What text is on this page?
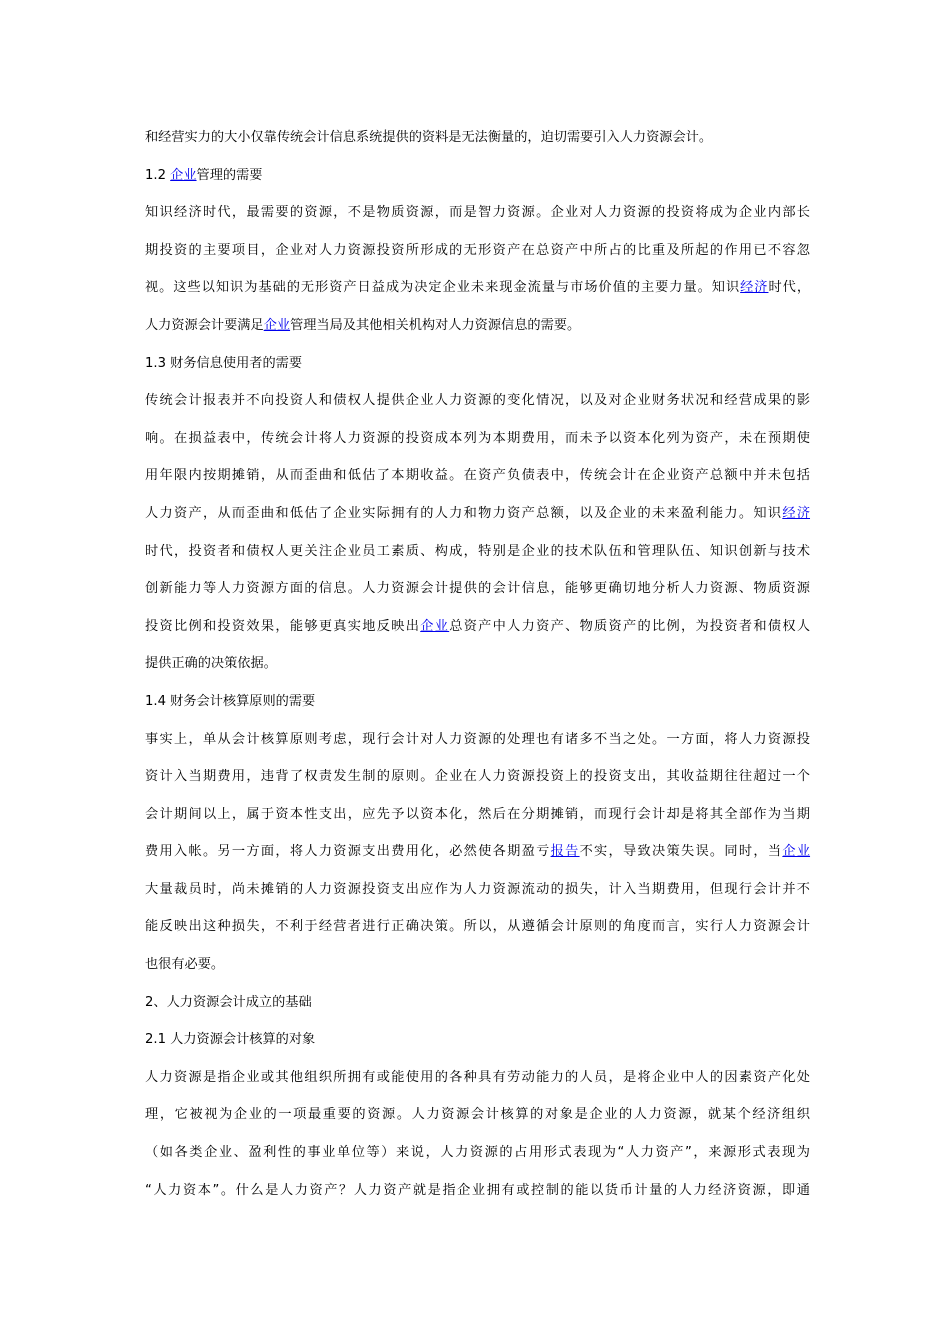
和经营实力的大小仅靠传统会计信息系统提供的资料是无法衡量的，迫切需要引入人力资源会计。
1.2 企业管理的需要
知识经济时代，最需要的资源，不是物质资源，而是智力资源。企业对人力资源的投资将成为企业内部长
期投资的主要项目，企业对人力资源投资所形成的无形资产在总资产中所占的比重及所起的作用已不容忽
视。这些以知识为基础的无形资产日益成为决定企业未来现金流量与市场价值的主要力量。知识经济时代，
人力资源会计要满足企业管理当局及其他相关机构对人力资源信息的需要。
1.3 财务信息使用者的需要
传统会计报表并不向投资人和债权人提供企业人力资源的变化情况，以及对企业财务状况和经营成果的影
响。在损益表中，传统会计将人力资源的投资成本列为本期费用，而未予以资本化列为资产，未在预期使
用年限内按期摊销，从而歪曲和低估了本期收益。在资产负债表中，传统会计在企业资产总额中并未包括
人力资产，从而歪曲和低估了企业实际拥有的人力和物力资产总额，以及企业的未来盈利能力。知识经济
时代，投资者和债权人更关注企业员工素质、构成，特别是企业的技术队伍和管理队伍、知识创新与技术
创新能力等人力资源方面的信息。人力资源会计提供的会计信息，能够更确切地分析人力资源、物质资源
投资比例和投资效果，能够更真实地反映出企业总资产中人力资产、物质资产的比例，为投资者和债权人
提供正确的决策依据。
1.4 财务会计核算原则的需要
事实上，单从会计核算原则考虑，现行会计对人力资源的处理也有诸多不当之处。一方面，将人力资源投
资计入当期费用，违背了权责发生制的原则。企业在人力资源投资上的投资支出，其收益期往往超过一个
会计期间以上，属于资本性支出，应先予以资本化，然后在分期摊销，而现行会计却是将其全部作为当期
费用入帐。另一方面，将人力资源支出费用化，必然使各期盈亏报告不实，导致决策失误。同时，当企业
大量裁员时，尚未摊销的人力资源投资支出应作为人力资源流动的损失，计入当期费用，但现行会计并不
能反映出这种损失，不利于经营者进行正确决策。所以，从遵循会计原则的角度而言，实行人力资源会计
也很有必要。
2、人力资源会计成立的基础
2.1 人力资源会计核算的对象
人力资源是指企业或其他组织所拥有或能使用的各种具有劳动能力的人员，是将企业中人的因素资产化处
理，它被视为企业的一项最重要的资源。人力资源会计核算的对象是企业的人力资源，就某个经济组织
（如各类企业、盈利性的事业单位等）来说，人力资源的占用形式表现为“人力资产”，来源形式表现为
“人力资本”。什么是人力资产？人力资产就是指企业拥有或控制的能以货币计量的人力经济资源，即通
